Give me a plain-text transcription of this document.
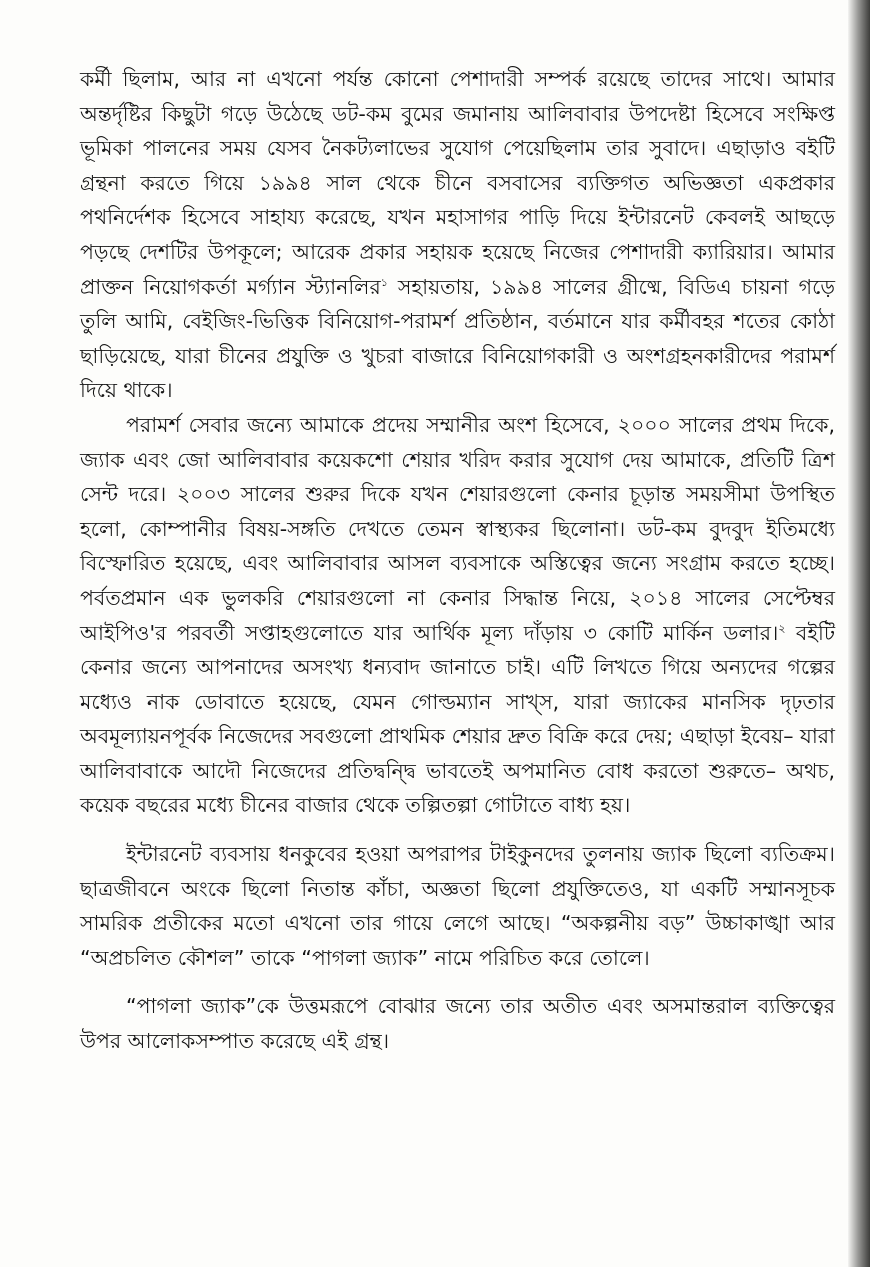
কর্মী ছিলাম, আর না এখনো পর্যন্ত কোনো পেশাদারী সম্পর্ক রয়েছে তাদের সাথে। আমার অন্তর্দৃষ্টির কিছুটা গড়ে উঠেছে ডট-কম বুমের জমানায় আলিবাবার উপদেষ্টা হিসেবে সংক্ষিপ্ত ভূমিকা পালনের সময় যেসব নৈকট্যলাভের সুযোগ পেয়েছিলাম তার সুবাদে। এছাড়াও বইটি গ্রন্থনা করতে গিয়ে ১৯৯৪ সাল থেকে চীনে বসবাসের ব্যক্তিগত অভিজ্ঞতা একপ্রকার পথনির্দেশক হিসেবে সাহায্য করেছে, যখন মহাসাগর পাড়ি দিয়ে ইন্টারনেট কেবলই আছড়ে পড়ছে দেশটির উপকূলে; আরেক প্রকার সহায়ক হয়েছে নিজের পেশাদারী ক্যারিয়ার। আমার প্রাক্তন নিয়োগকর্তা মর্গ্যান স্ট্যানলির$^১$ সহায়তায়, ১৯৯৪ সালের গ্রীষ্মে, বিডিএ চায়না গড়ে তুলি আমি, বেইজিং-ভিত্তিক বিনিয়োগ-পরামর্শ প্রতিষ্ঠান, বর্তমানে যার কর্মীবহর শতের কোঠা ছাড়িয়েছে, যারা চীনের প্রযুক্তি ও খুচরা বাজারে বিনিয়োগকারী ও অংশগ্রহনকারীদের পরামর্শ দিয়ে থাকে।

পরামর্শ সেবার জন্যে আমাকে প্রদেয় সম্মানীর অংশ হিসেবে, ২০০০ সালের প্রথম দিকে, জ্যাক এবং জো আলিবাবার কয়েকশো শেয়ার খরিদ করার সুযোগ দেয় আমাকে, প্রতিটি ত্রিশ সেন্ট দরে। ২০০৩ সালের শুরুর দিকে যখন শেয়ারগুলো কেনার চূড়ান্ত সময়সীমা উপস্থিত হলো, কোম্পানীর বিষয়-সঙ্গতি দেখতে তেমন স্বাস্থ্যকর ছিলোনা। ডট-কম বুদবুদ ইতিমধ্যে বিস্ফোরিত হয়েছে, এবং আলিবাবার আসল ব্যবসাকে অস্তিত্বের জন্যে সংগ্রাম করতে হচ্ছে। পর্বতপ্রমান এক ভুলকরি শেয়ারগুলো না কেনার সিদ্ধান্ত নিয়ে, ২০১৪ সালের সেপ্টেম্বর আইপিও'র পরবর্তী সপ্তাহগুলোতে যার আর্থিক মূল্য দাঁড়ায় ৩ কোটি মার্কিন ডলার।$^২$ বইটি কেনার জন্যে আপনাদের অসংখ্য ধন্যবাদ জানাতে চাই। এটি লিখতে গিয়ে অন্যদের গল্পের মধ্যেও নাক ডোবাতে হয়েছে, যেমন গোল্ডম্যান সাখ্স, যারা জ্যাকের মানসিক দৃঢ়তার অবমূল্যায়নপূর্বক নিজেদের সবগুলো প্রাথমিক শেয়ার দ্রুত বিক্রি করে দেয়; এছাড়া ইবেয়– যারা আলিবাবাকে আদৌ নিজেদের প্রতিদ্বন্দ্বি ভাবতেই অপমানিত বোধ করতো শুরুতে– অথচ, কয়েক বছরের মধ্যে চীনের বাজার থেকে তল্পিতল্পা গোটাতে বাধ্য হয়।

ইন্টারনেট ব্যবসায় ধনকুবের হওয়া অপরাপর টাইকুনদের তুলনায় জ্যাক ছিলো ব্যতিক্রম। ছাত্রজীবনে অংকে ছিলো নিতান্ত কাঁচা, অজ্ঞতা ছিলো প্রযুক্তিতেও, যা একটি সম্মানসূচক সামরিক প্রতীকের মতো এখনো তার গায়ে লেগে আছে। “অকল্পনীয় বড়” উচ্চাকাঙ্খা আর “অপ্রচলিত কৌশল” তাকে “পাগলা জ্যাক” নামে পরিচিত করে তোলে।

“পাগলা জ্যাক”কে উত্তমরূপে বোঝার জন্যে তার অতীত এবং অসমান্তরাল ব্যক্তিত্বের উপর আলোকসম্পাত করেছে এই গ্রন্থ।
